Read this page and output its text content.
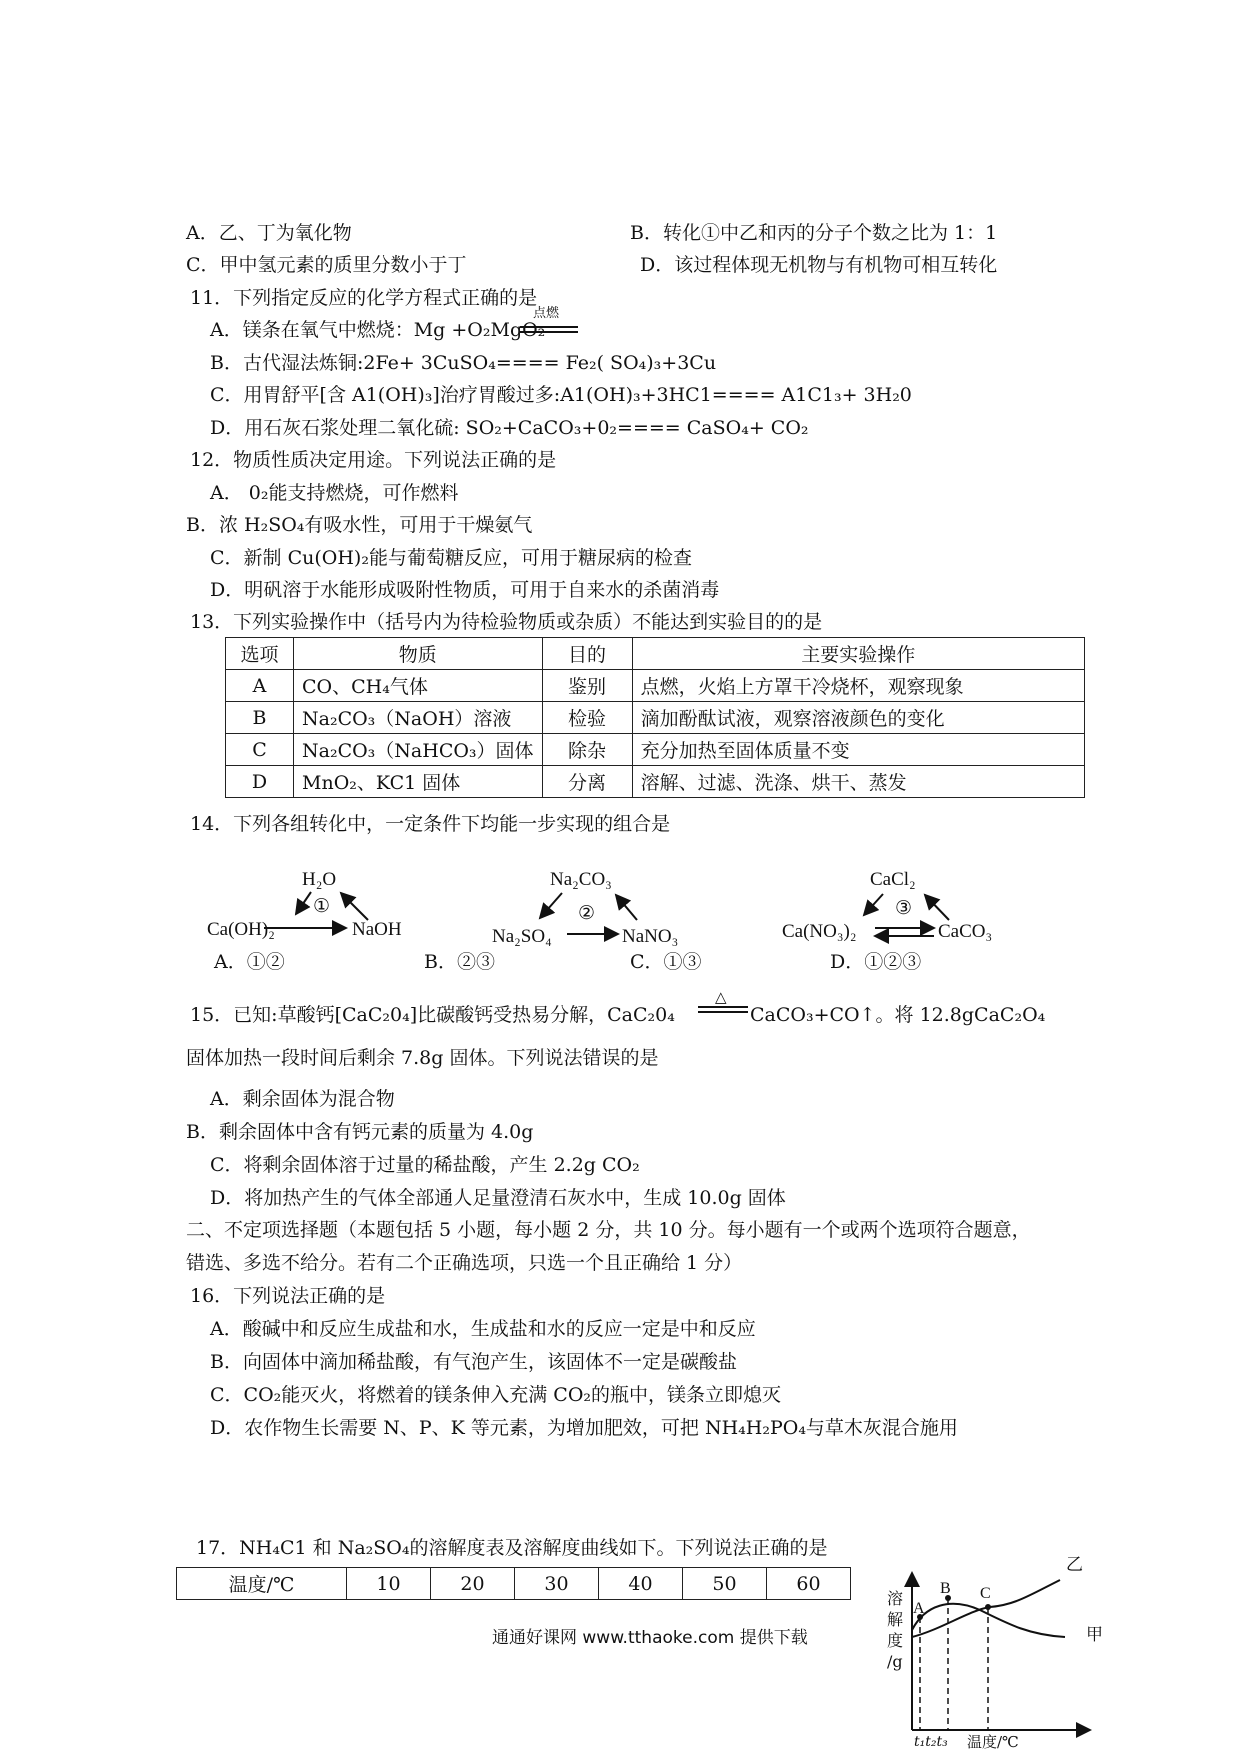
A．乙、丁为氧化物	B．转化①中乙和丙的分子个数之比为 1：1
C．甲中氢元素的质里分数小于丁	D．该过程体现无机物与有机物可相互转化
11．下列指定反应的化学方程式正确的是
A．镁条在氧气中燃烧：Mg +O₂MgO₂
点燃
B．古代湿法炼铜:2Fe+ 3CuSO₄==== Fe₂( SO₄)₃+3Cu
C．用胃舒平[含 A1(OH)₃]治疗胃酸过多:A1(OH)₃+3HC1==== A1C1₃+ 3H₂0
D．用石灰石浆处理二氧化硫: SO₂+CaCO₃+0₂==== CaSO₄+ CO₂
12．物质性质决定用途。下列说法正确的是
A． 0₂能支持燃烧，可作燃料
B．浓 H₂SO₄有吸水性，可用于干燥氨气
C．新制 Cu(OH)₂能与葡萄糖反应，可用于糖尿病的检查
D．明矾溶于水能形成吸附性物质，可用于自来水的杀菌消毒
13．下列实验操作中（括号内为待检验物质或杂质）不能达到实验目的的是
选项	物质	目的	主要实验操作
A	CO、CH₄气体	鉴别	点燃，火焰上方罩干冷烧杯，观察现象
B	Na₂CO₃（NaOH）溶液	检验	滴加酚酞试液，观察溶液颜色的变化
C	Na₂CO₃（NaHCO₃）固体	除杂	充分加热至固体质量不变
D	MnO₂、KC1 固体	分离	溶解、过滤、洗涤、烘干、蒸发
14．下列各组转化中，一定条件下均能一步实现的组合是
H₂O
①
Ca(OH)₂	NaOH
Na₂CO₃
②
Na₂SO₄	NaNO₃
CaCl₂
③
Ca(NO₃)₂	CaCO₃
A．①②	B．②③	C．①③	D．①②③
15．已知:草酸钙[CaC₂0₄]比碳酸钙受热易分解，CaC₂0₄
△
CaCO₃+CO↑。将 12.8gCaC₂O₄
固体加热一段时间后剩余 7.8g 固体。下列说法错误的是
A．剩余固体为混合物
B．剩余固体中含有钙元素的质量为 4.0g
C．将剩余固体溶于过量的稀盐酸，产生 2.2g CO₂
D．将加热产生的气体全部通人足量澄清石灰水中，生成 10.0g 固体
二、不定项选择题（本题包括 5 小题，每小题 2 分，共 10 分。每小题有一个或两个选项符合题意，
错选、多选不给分。若有二个正确选项，只选一个且正确给 1 分）
16．下列说法正确的是
A．酸碱中和反应生成盐和水，生成盐和水的反应一定是中和反应
B．向固体中滴加稀盐酸，有气泡产生，该固体不一定是碳酸盐
C．CO₂能灭火，将燃着的镁条伸入充满 CO₂的瓶中，镁条立即熄灭
D．农作物生长需要 N、P、K 等元素，为增加肥效，可把 NH₄H₂PO₄与草木灰混合施用
17．NH₄C1 和 Na₂SO₄的溶解度表及溶解度曲线如下。下列说法正确的是
温度/℃	10	20	30	40	50	60
溶
解
度
/g
A
B C
乙
甲
t₁t₂t₃ 温度/℃
通通好课网 www.tthaoke.com 提供下载
